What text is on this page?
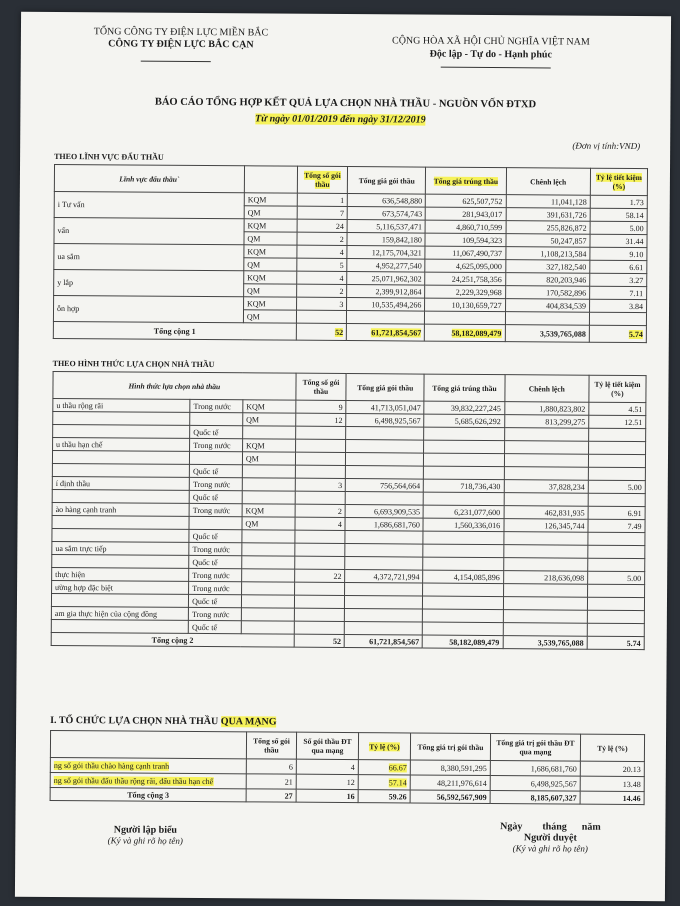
TỔNG CÔNG TY ĐIỆN LỰC MIỀN BẮC
CÔNG TY ĐIỆN LỰC BẮC CẠN	CỘNG HÒA XÃ HỘI CHỦ NGHĨA VIỆT NAM
Độc lập - Tự do - Hạnh phúc
BÁO CÁO TỔNG HỢP KẾT QUẢ LỰA CHỌN NHÀ THẦU - NGUỒN VỐN ĐTXD
Từ ngày 01/01/2019 đến ngày 31/12/2019
(Đơn vị tính:VND)
THEO LĨNH VỰC ĐẤU THẦU
Lĩnh vực đấu thầu`		Tổng số gói thầu	Tổng giá gói thầu	Tổng giá trúng thầu	Chênh lệch	Tỷ lệ tiết kiệm (%)
i Tư vấn	KQM	1	636,548,880	625,507,752	11,041,128	1.73
	QM	7	673,574,743	281,943,017	391,631,726	58.14
vấn	KQM	24	5,116,537,471	4,860,710,599	255,826,872	5.00
	QM	2	159,842,180	109,594,323	50,247,857	31.44
ua sắm	KQM	4	12,175,704,321	11,067,490,737	1,108,213,584	9.10
	QM	5	4,952,277,540	4,625,095,000	327,182,540	6.61
y lắp	KQM	4	25,071,962,302	24,251,758,356	820,203,946	3.27
	QM	2	2,399,912,864	2,229,329,968	170,582,896	7.11
ỗn hợp	KQM	3	10,535,494,266	10,130,659,727	404,834,539	3.84
	QM					
Tổng cộng 1		52	61,721,854,567	58,182,089,479	3,539,765,088	5.74
THEO HÌNH THỨC LỰA CHỌN NHÀ THẦU
Hình thức lựa chọn nhà thầu			Tổng số gói thầu	Tổng giá gói thầu	Tổng giá trúng thầu	Chênh lệch	Tỷ lệ tiết kiệm (%)
u thầu rộng rãi	Trong nước	KQM	9	41,713,051,047	39,832,227,245	1,880,823,802	4.51
		QM	12	6,498,925,567	5,685,626,292	813,299,275	12.51
	Quốc tế						
u thầu hạn chế	Trong nước	KQM					
		QM					
	Quốc tế						
í định thầu	Trong nước		3	756,564,664	718,736,430	37,828,234	5.00
	Quốc tế						
ào hàng cạnh tranh	Trong nước	KQM	2	6,693,909,535	6,231,077,600	462,831,935	6.91
		QM	4	1,686,681,760	1,560,336,016	126,345,744	7.49
	Quốc tế						
ua sắm trực tiếp	Trong nước						
	Quốc tế						
thực hiện	Trong nước		22	4,372,721,994	4,154,085,896	218,636,098	5.00
ường hợp đặc biệt	Trong nước						
	Quốc tế						
am gia thực hiện của cộng đồng	Trong nước						
	Quốc tế						
Tổng cộng 2			52	61,721,854,567	58,182,089,479	3,539,765,088	5.74
I. TỔ CHỨC LỰA CHỌN NHÀ THẦU QUA MẠNG
	Tổng số gói thầu	Số gói thầu ĐT qua mạng	Tỷ lệ (%)	Tổng giá trị gói thầu	Tổng giá trị gói thầu ĐT qua mạng	Tỷ lệ (%)
ng số gói thầu chào hàng cạnh tranh	6	4	66.67	8,380,591,295	1,686,681,760	20.13
ng số gói thầu đấu thầu rộng rãi, đấu thầu hạn chế	21	12	57.14	48,211,976,614	6,498,925,567	13.48
Tổng cộng 3	27	16	59.26	56,592,567,909	8,185,607,327	14.46
Người lập biểu
(Ký và ghi rõ họ tên)
Ngày        tháng      năm
Người duyệt
(Ký và ghi rõ họ tên)
